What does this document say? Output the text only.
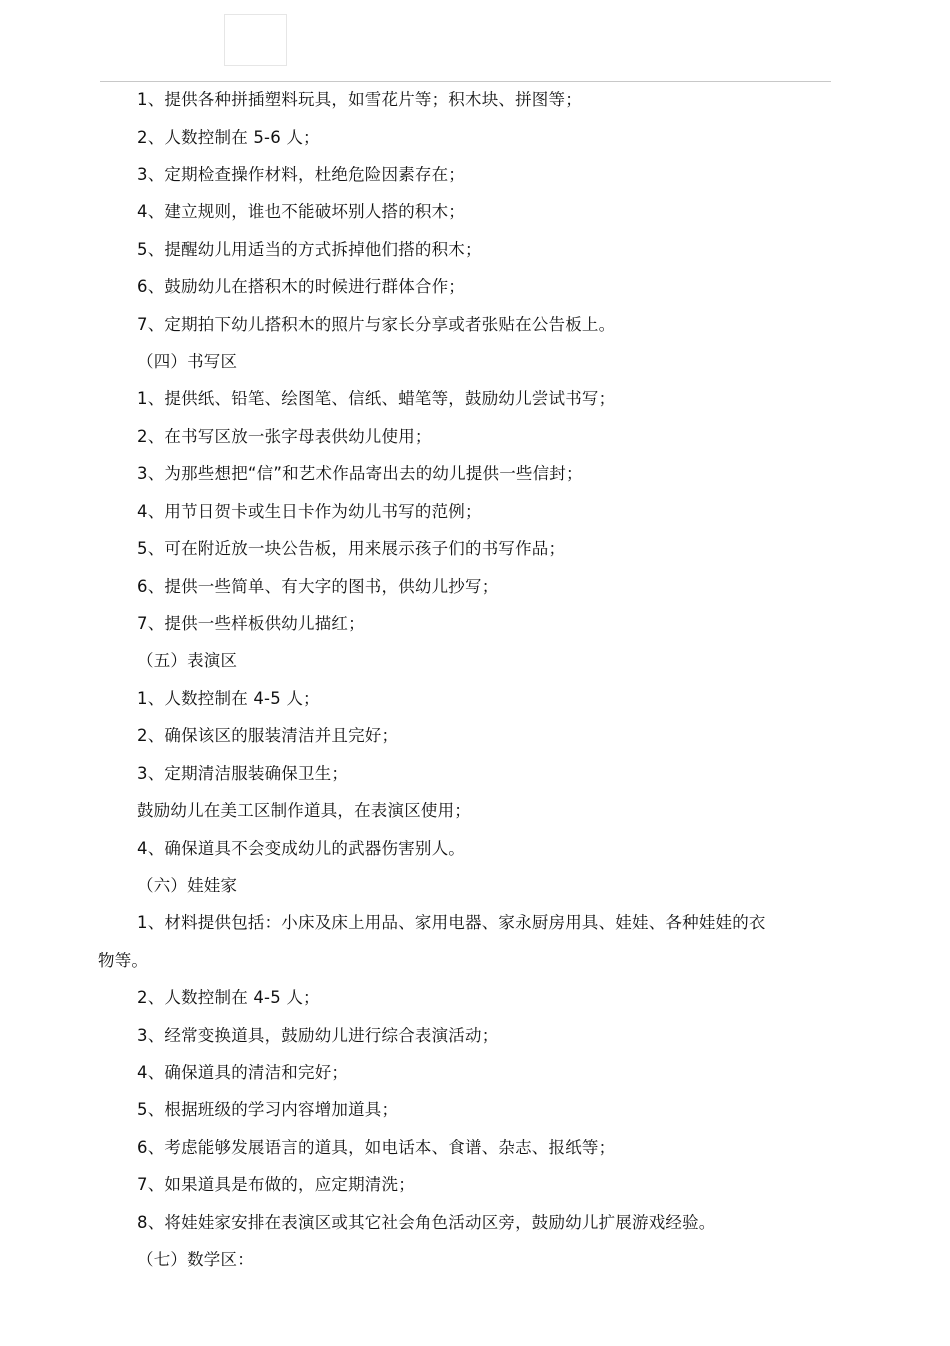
1、提供各种拼插塑料玩具，如雪花片等；积木块、拼图等；
2、人数控制在 5-6 人；
3、定期检查操作材料，杜绝危险因素存在；
4、建立规则，谁也不能破坏别人搭的积木；
5、提醒幼儿用适当的方式拆掉他们搭的积木；
6、鼓励幼儿在搭积木的时候进行群体合作；
7、定期拍下幼儿搭积木的照片与家长分享或者张贴在公告板上。
（四）书写区
1、提供纸、铅笔、绘图笔、信纸、蜡笔等，鼓励幼儿尝试书写；
2、在书写区放一张字母表供幼儿使用；
3、为那些想把“信”和艺术作品寄出去的幼儿提供一些信封；
4、用节日贺卡或生日卡作为幼儿书写的范例；
5、可在附近放一块公告板，用来展示孩子们的书写作品；
6、提供一些简单、有大字的图书，供幼儿抄写；
7、提供一些样板供幼儿描红；
（五）表演区
1、人数控制在 4-5 人；
2、确保该区的服装清洁并且完好；
3、定期清洁服装确保卫生；
鼓励幼儿在美工区制作道具，在表演区使用；
4、确保道具不会变成幼儿的武器伤害别人。
（六）娃娃家
1、材料提供包括：小床及床上用品、家用电器、家永厨房用具、娃娃、各种娃娃的衣
物等。
2、人数控制在 4-5 人；
3、经常变换道具，鼓励幼儿进行综合表演活动；
4、确保道具的清洁和完好；
5、根据班级的学习内容增加道具；
6、考虑能够发展语言的道具，如电话本、食谱、杂志、报纸等；
7、如果道具是布做的，应定期清洗；
8、将娃娃家安排在表演区或其它社会角色活动区旁，鼓励幼儿扩展游戏经验。
（七）数学区：
